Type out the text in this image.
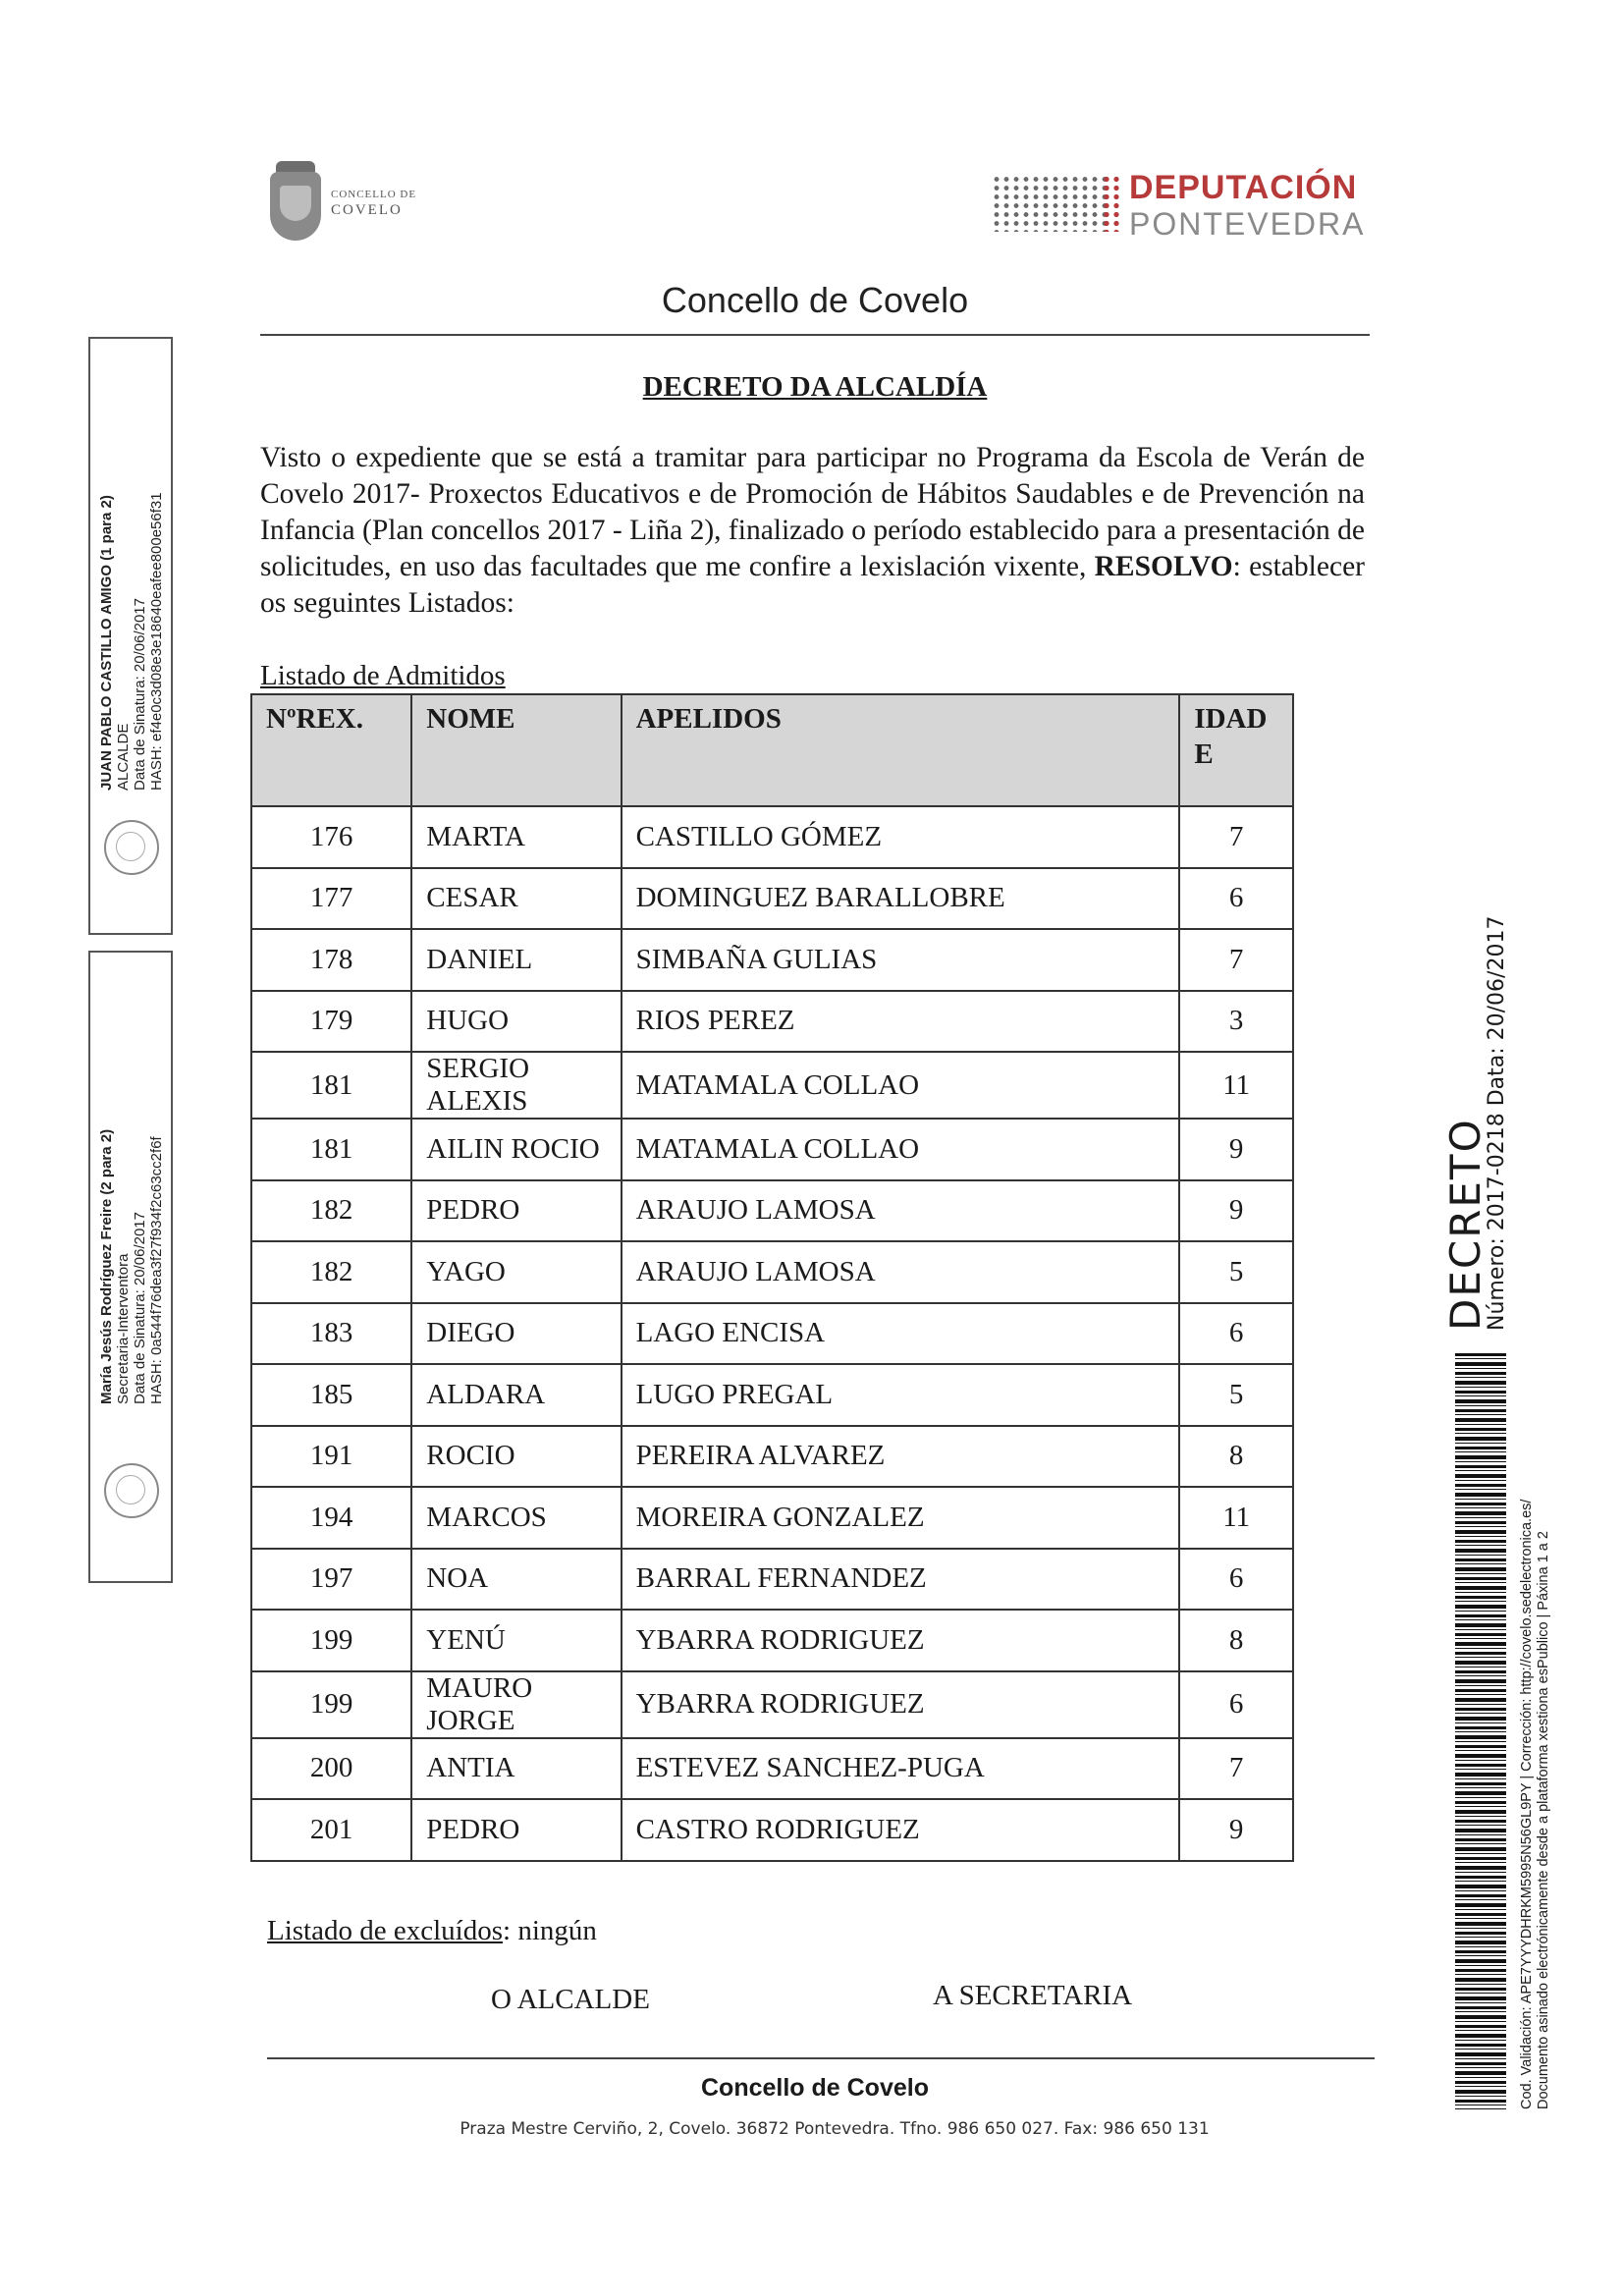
CONCELLO DE
COVELO
DEPUTACIÓN
PONTEVEDRA
Concello de Covelo
DECRETO DA ALCALDÍA
Visto o expediente que se está a tramitar para participar no Programa da Escola de Verán de Covelo 2017- Proxectos Educativos e de Promoción de Hábitos Saudables e de Prevención na Infancia (Plan concellos 2017 - Liña 2), finalizado o período establecido para a presentación de solicitudes, en uso das facultades que me confire a lexislación vixente, RESOLVO: establecer os seguintes Listados:
Listado de Admitidos
NºREX.	NOME	APELIDOS	IDAD
E
176	MARTA	CASTILLO GÓMEZ	7
177	CESAR	DOMINGUEZ BARALLOBRE	6
178	DANIEL	SIMBAÑA GULIAS	7
179	HUGO	RIOS PEREZ	3
181	SERGIO ALEXIS	MATAMALA COLLAO	11
181	AILIN ROCIO	MATAMALA COLLAO	9
182	PEDRO	ARAUJO LAMOSA	9
182	YAGO	ARAUJO LAMOSA	5
183	DIEGO	LAGO ENCISA	6
185	ALDARA	LUGO PREGAL	5
191	ROCIO	PEREIRA ALVAREZ	8
194	MARCOS	MOREIRA GONZALEZ	11
197	NOA	BARRAL FERNANDEZ	6
199	YENÚ	YBARRA RODRIGUEZ	8
199	MAURO JORGE	YBARRA RODRIGUEZ	6
200	ANTIA	ESTEVEZ SANCHEZ-PUGA	7
201	PEDRO	CASTRO RODRIGUEZ	9
Listado de excluídos: ningún
O ALCALDE	A SECRETARIA
Concello de Covelo
Praza Mestre Cerviño, 2, Covelo. 36872 Pontevedra. Tfno. 986 650 027. Fax: 986 650 131
JUAN PABLO CASTILLO AMIGO (1 para 2) ALCALDE Data de Sinatura: 20/06/2017 HASH: ef4e0c3d08e3e18640eafee800e56f31
María Jesús Rodríguez Freire (2 para 2) Secretaria-Interventora Data de Sinatura: 20/06/2017 HASH: 0a544f76dea3f27f934f2c63cc2f6f	DECRETO
Número: 2017-0218 Data: 20/06/2017
Cod. Validación: APE7YYYDHRKM5995N56GL9PY | Corrección: http://covelo.sedelectronica.es/ Documento asinado electrónicamente desde a plataforma xestiona esPublico | Páxina 1 a 2
